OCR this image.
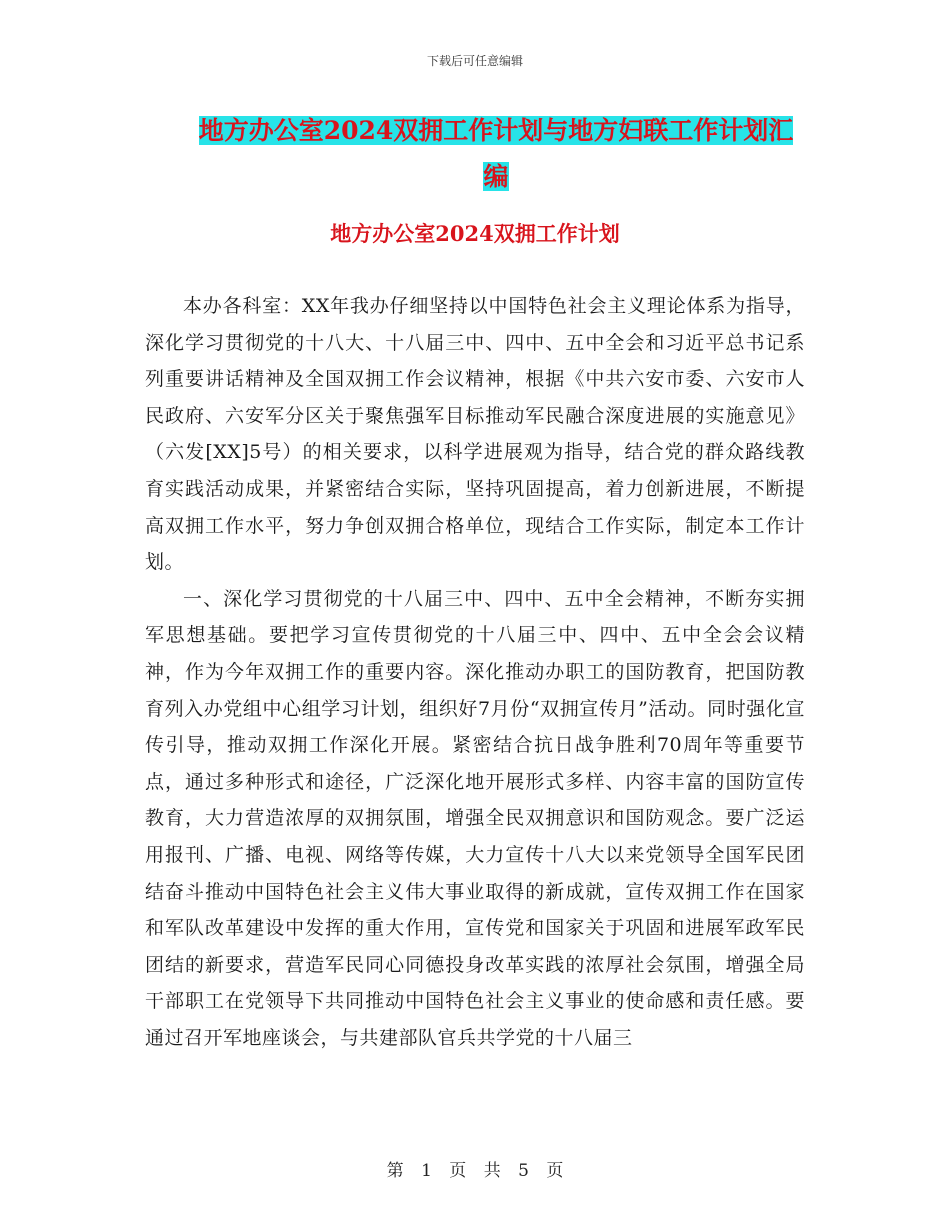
下载后可任意编辑
地方办公室2024双拥工作计划与地方妇联工作计划汇
编
地方办公室2024双拥工作计划

本办各科室：XX年我办仔细坚持以中国特色社会主义理论体系为指导，深化学习贯彻党的十八大、十八届三中、四中、五中全会和习近平总书记系列重要讲话精神及全国双拥工作会议精神，根据《中共六安市委、六安市人民政府、六安军分区关于聚焦强军目标推动军民融合深度进展的实施意见》（六发[XX]5号）的相关要求，以科学进展观为指导，结合党的群众路线教育实践活动成果，并紧密结合实际，坚持巩固提高，着力创新进展，不断提高双拥工作水平，努力争创双拥合格单位，现结合工作实际，制定本工作计划。

一、深化学习贯彻党的十八届三中、四中、五中全会精神，不断夯实拥军思想基础。要把学习宣传贯彻党的十八届三中、四中、五中全会会议精神，作为今年双拥工作的重要内容。深化推动办职工的国防教育，把国防教育列入办党组中心组学习计划，组织好7月份“双拥宣传月”活动。同时强化宣传引导，推动双拥工作深化开展。紧密结合抗日战争胜利70周年等重要节点，通过多种形式和途径，广泛深化地开展形式多样、内容丰富的国防宣传教育，大力营造浓厚的双拥氛围，增强全民双拥意识和国防观念。要广泛运用报刊、广播、电视、网络等传媒，大力宣传十八大以来党领导全国军民团结奋斗推动中国特色社会主义伟大事业取得的新成就，宣传双拥工作在国家和军队改革建设中发挥的重大作用，宣传党和国家关于巩固和进展军政军民团结的新要求，营造军民同心同德投身改革实践的浓厚社会氛围，增强全局干部职工在党领导下共同推动中国特色社会主义事业的使命感和责任感。要通过召开军地座谈会，与共建部队官兵共学党的十八届三

第 1 页 共 5 页
